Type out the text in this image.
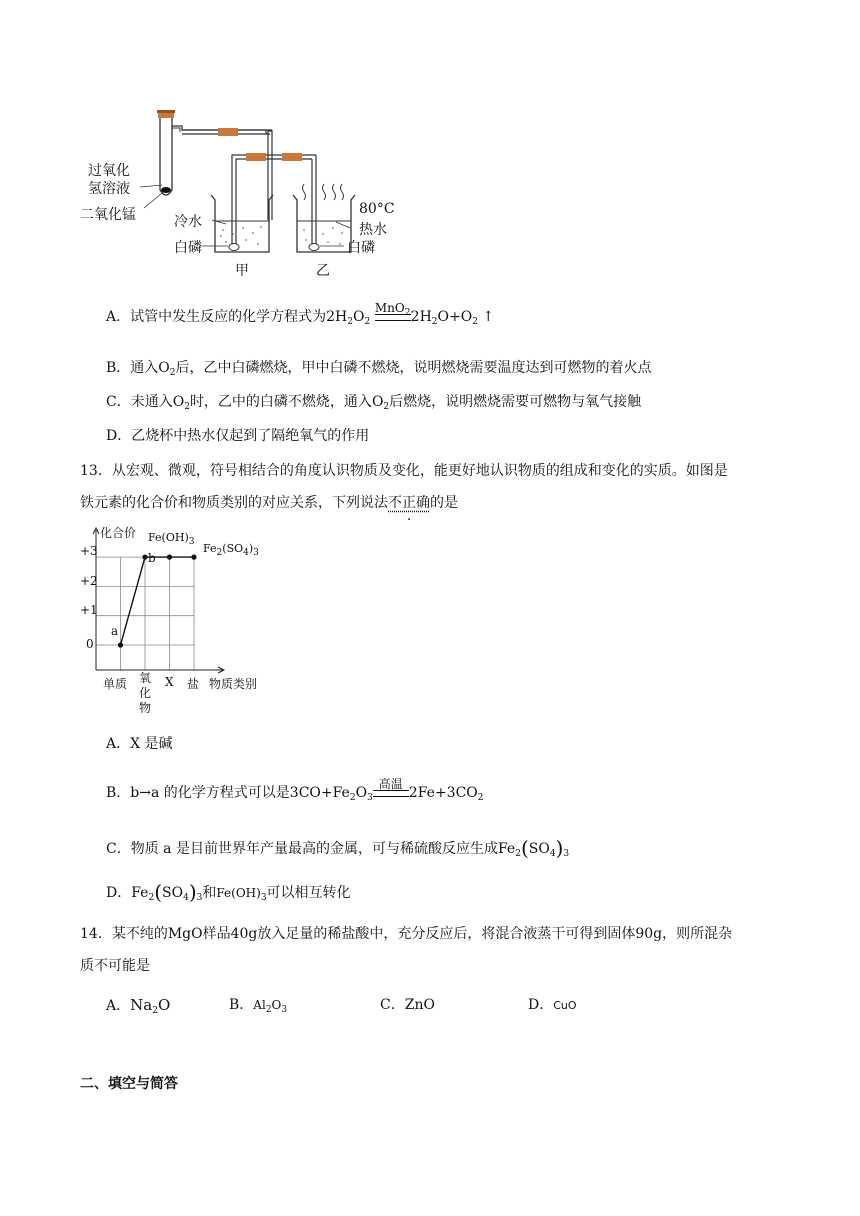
过氧化
氢溶液
二氧化锰	冷水
白磷
甲
80°C
热水
白磷
乙
A．试管中发生反应的化学方程式为$2H_2O_2$
MnO$_2$ $2H_2O+O_2$ ↑
B．通入$O_2$后，乙中白磷燃烧，甲中白磷不燃烧，说明燃烧需要温度达到可燃物的着火点
C．未通入$O_2$时，乙中的白磷不燃烧，通入$O_2$后燃烧，说明燃烧需要可燃物与氧气接触
D．乙烧杯中热水仅起到了隔绝氧气的作用
13．从宏观、微观，符号相结合的角度认识物质及变化，能更好地认识物质的组成和变化的实质。如图是
铁元素的化合价和物质类别的对应关系，下列说法不正确的是
化合价
+3
+2
+1
0
单质 氧化物
X 盐 物质类别
a
b
$Fe(OH)_3$ $Fe_2(SO_4)_3$
A．X 是碱
B．b→a 的化学方程式可以是$3CO+Fe_2O_3$
高温
$2Fe+3CO_2$
C．物质 a 是目前世界年产量最高的金属，可与稀硫酸反应生成$Fe_2(SO_4)_3$
D．$Fe_2(SO_4)_3$和$Fe(OH)_3$可以相互转化
14．某不纯的MgO样品40g放入足量的稀盐酸中，充分反应后，将混合液蒸干可得到固体90g，则所混杂
质不可能是
A．$Na_2O$	B．$Al_2O_3$	C．ZnO	D．CuO
二、填空与简答
